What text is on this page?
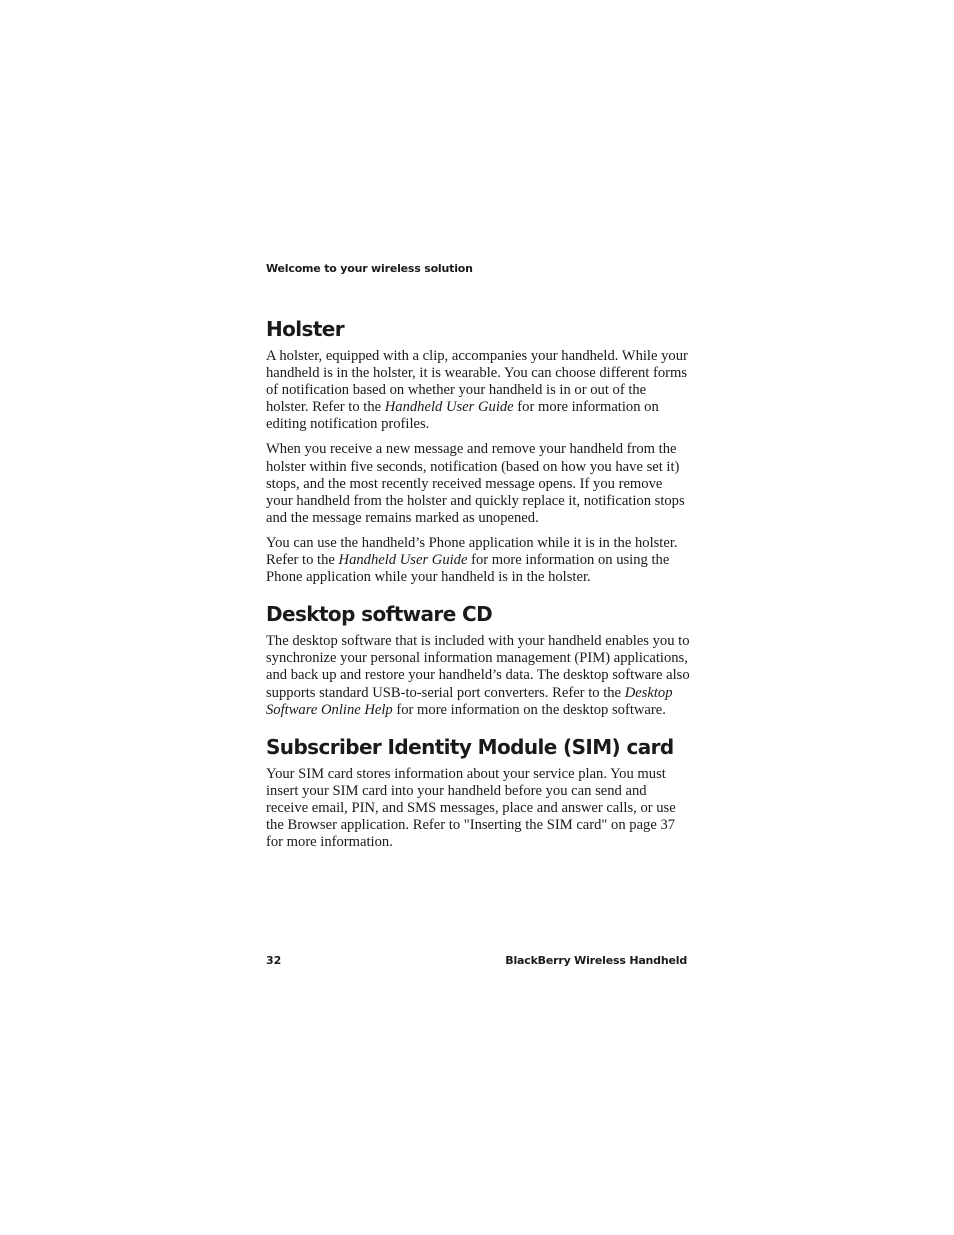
Welcome to your wireless solution
Holster

A holster, equipped with a clip, accompanies your handheld. While your handheld is in the holster, it is wearable. You can choose different forms of notification based on whether your handheld is in or out of the holster. Refer to the Handheld User Guide for more information on editing notification profiles.

When you receive a new message and remove your handheld from the holster within five seconds, notification (based on how you have set it) stops, and the most recently received message opens. If you remove your handheld from the holster and quickly replace it, notification stops and the message remains marked as unopened.

You can use the handheld’s Phone application while it is in the holster. Refer to the Handheld User Guide for more information on using the Phone application while your handheld is in the holster.

Desktop software CD

The desktop software that is included with your handheld enables you to synchronize your personal information management (PIM) applications, and back up and restore your handheld’s data. The desktop software also supports standard USB-to-serial port converters. Refer to the Desktop Software Online Help for more information on the desktop software.

Subscriber Identity Module (SIM) card

Your SIM card stores information about your service plan. You must insert your SIM card into your handheld before you can send and receive email, PIN, and SMS messages, place and answer calls, or use the Browser application. Refer to "Inserting the SIM card" on page 37 for more information.

32	BlackBerry Wireless Handheld
